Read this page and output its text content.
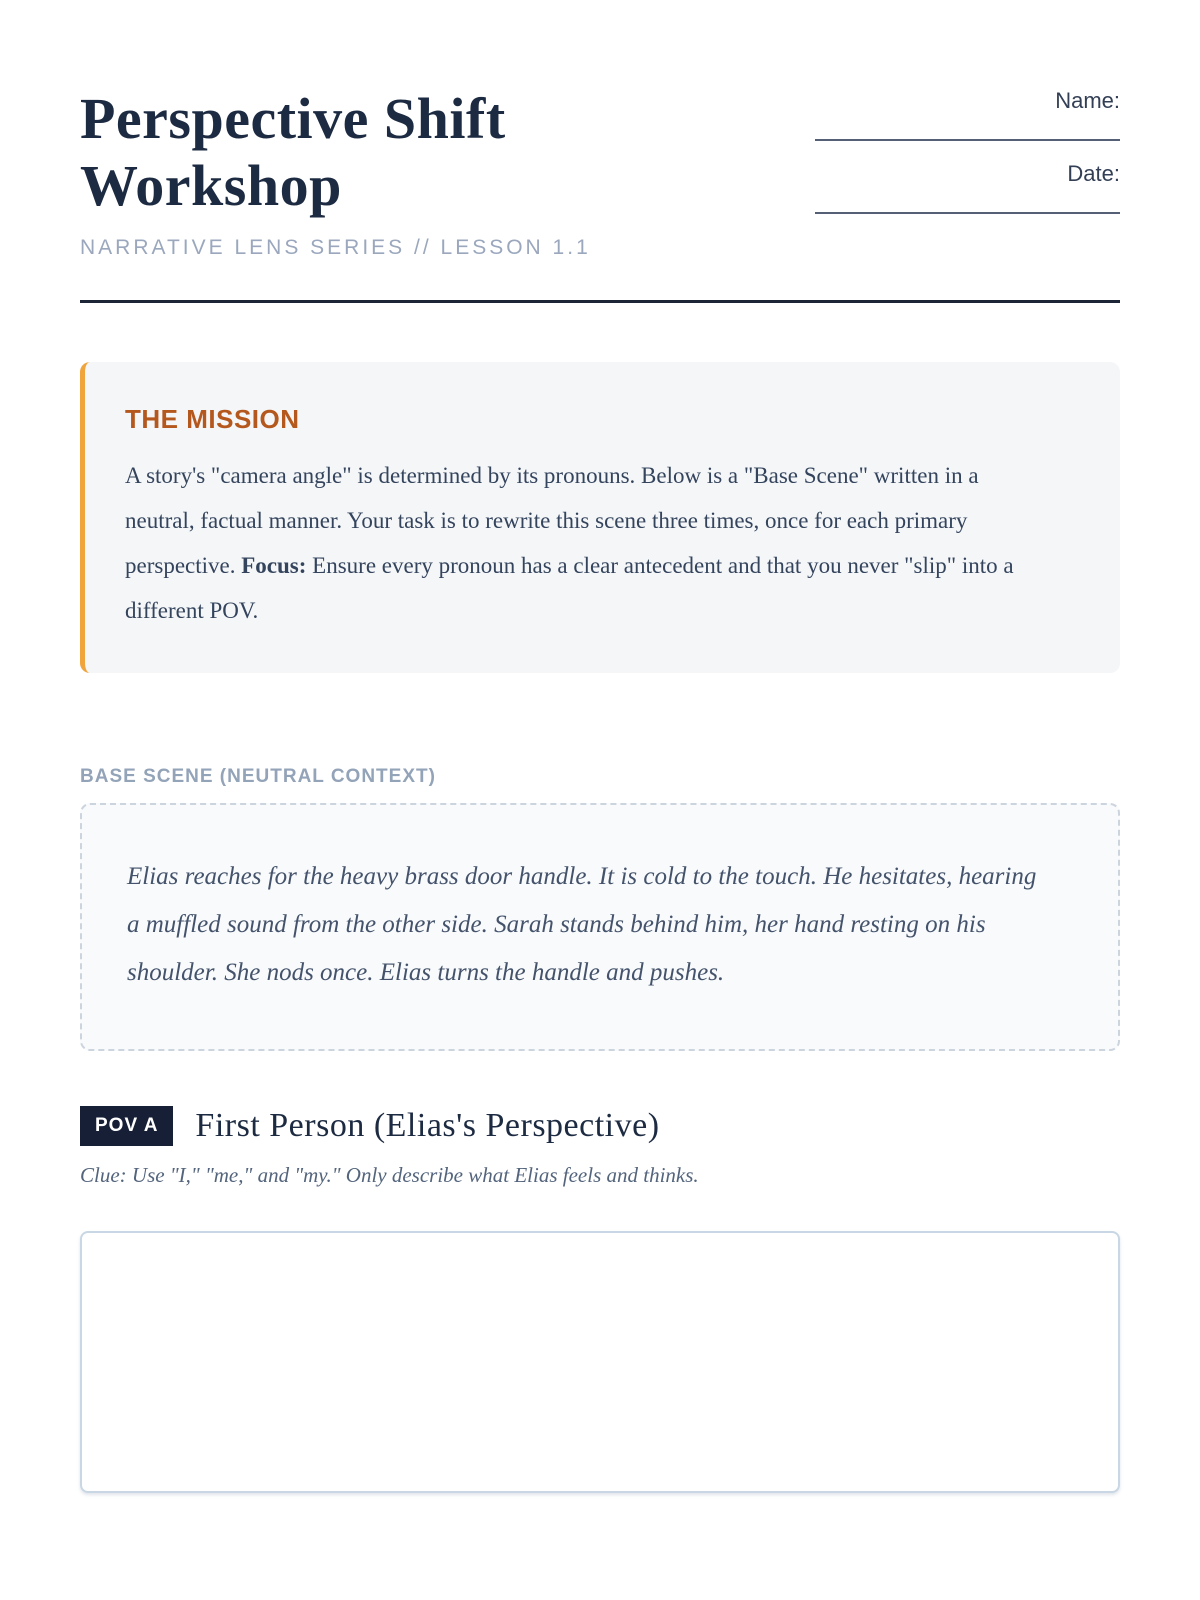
Perspective Shift Workshop
NARRATIVE LENS SERIES // LESSON 1.1
Name:
Date:
THE MISSION

A story's "camera angle" is determined by its pronouns. Below is a "Base Scene" written in a neutral, factual manner. Your task is to rewrite this scene three times, once for each primary perspective. Focus: Ensure every pronoun has a clear antecedent and that you never "slip" into a different POV.

BASE SCENE (NEUTRAL CONTEXT)

Elias reaches for the heavy brass door handle. It is cold to the touch. He hesitates, hearing a muffled sound from the other side. Sarah stands behind him, her hand resting on his shoulder. She nods once. Elias turns the handle and pushes.

POV A	First Person (Elias's Perspective)

Clue: Use "I," "me," and "my." Only describe what Elias feels and thinks.
